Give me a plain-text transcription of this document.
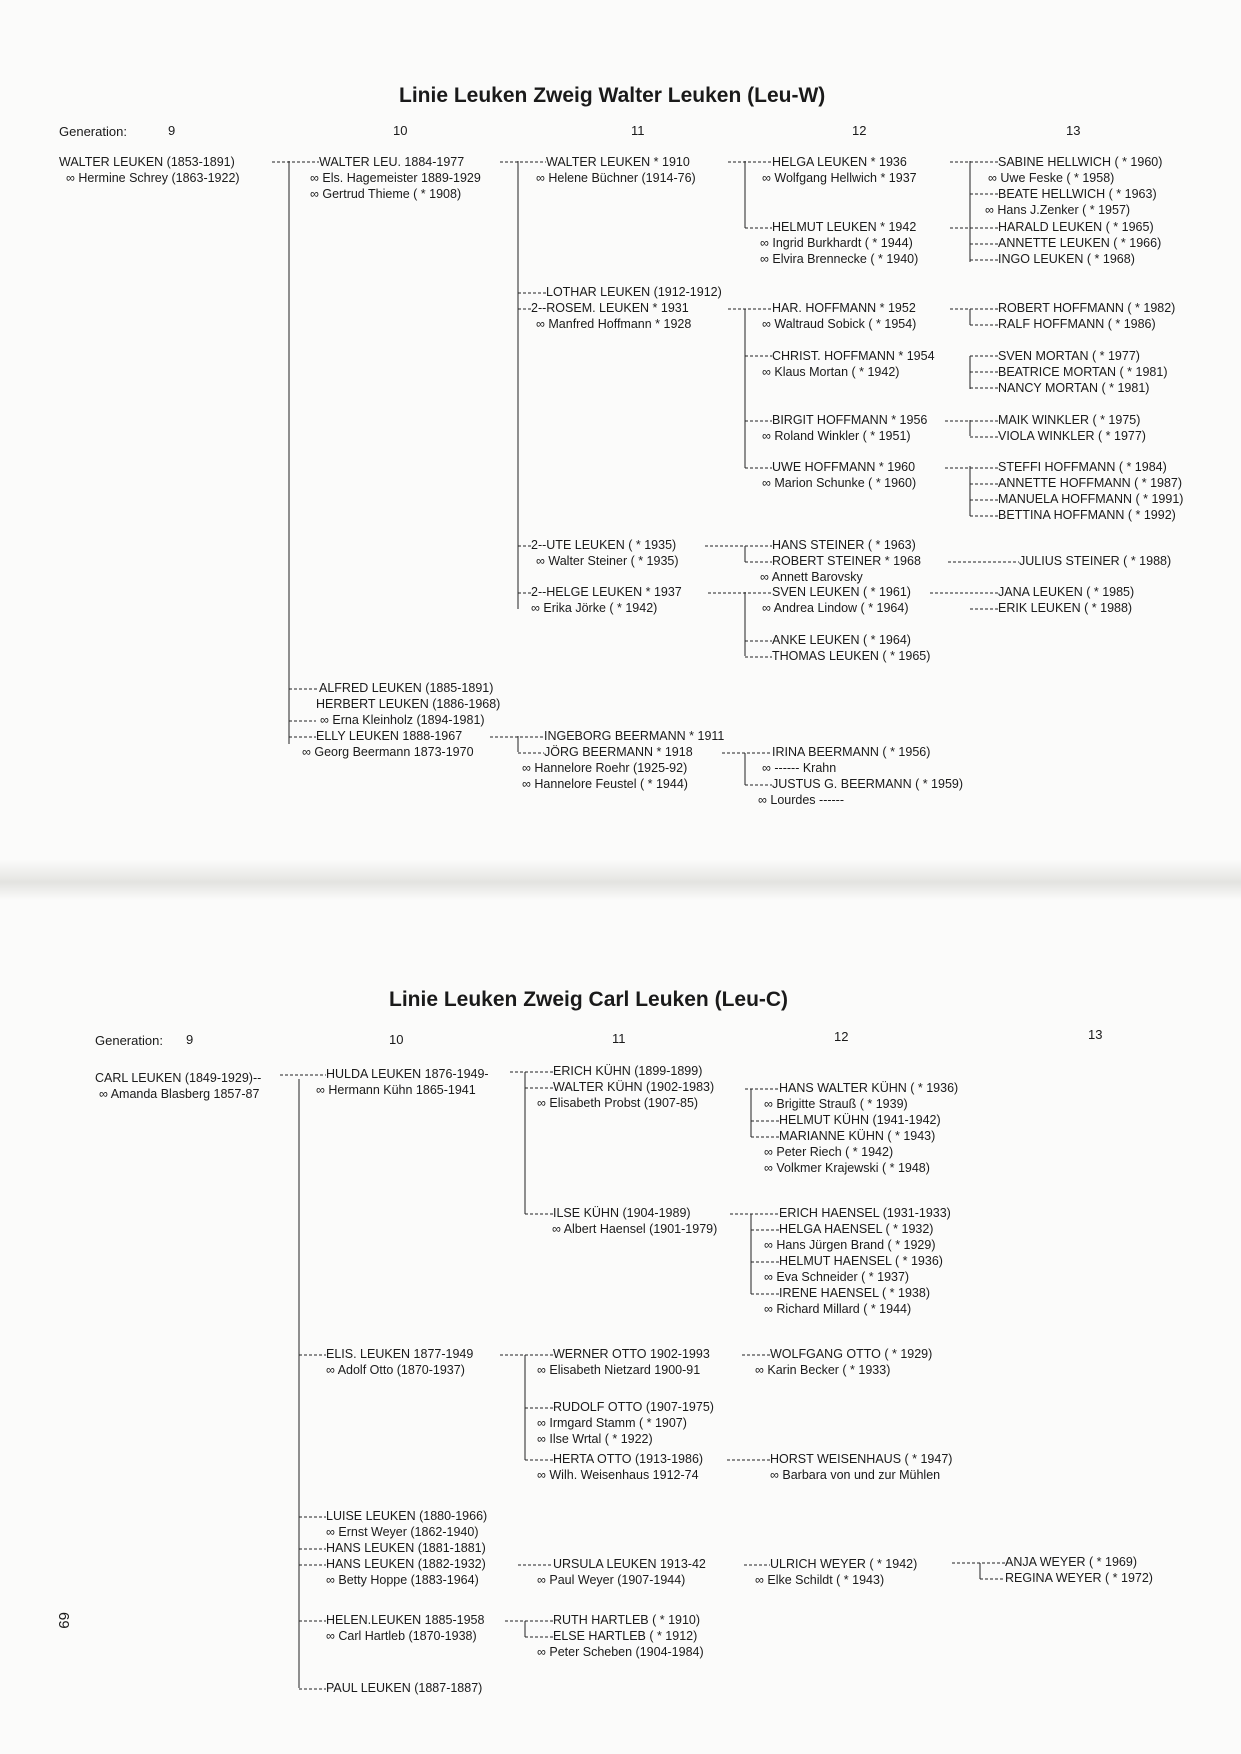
Linie Leuken Zweig Walter Leuken (Leu-W)
Generation:	9	10	11	12	13
Linie Leuken Zweig Carl Leuken (Leu-C)
Generation: 9	10	11	12	13
69
WALTER LEUKEN (1853-1891)
∞ Hermine Schrey (1863-1922)
WALTER LEU. 1884-1977
∞ Els. Hagemeister 1889-1929
∞ Gertrud Thieme ( * 1908)
WALTER LEUKEN * 1910
∞ Helene Büchner (1914-76)
HELGA LEUKEN * 1936
∞ Wolfgang Hellwich * 1937
SABINE HELLWICH ( * 1960)
∞ Uwe Feske ( * 1958)
BEATE HELLWICH ( * 1963)
∞ Hans J.Zenker ( * 1957)
HELMUT LEUKEN * 1942
∞ Ingrid Burkhardt ( * 1944)
∞ Elvira Brennecke ( * 1940)
HARALD LEUKEN ( * 1965)
ANNETTE LEUKEN ( * 1966)
INGO LEUKEN ( * 1968)
LOTHAR LEUKEN (1912-1912)
2--ROSEM. LEUKEN * 1931
∞ Manfred Hoffmann * 1928
HAR. HOFFMANN * 1952
∞ Waltraud Sobick ( * 1954)
ROBERT HOFFMANN ( * 1982)
RALF HOFFMANN ( * 1986)
CHRIST. HOFFMANN * 1954
∞ Klaus Mortan ( * 1942)
SVEN MORTAN ( * 1977)
BEATRICE MORTAN ( * 1981)
NANCY MORTAN ( * 1981)
BIRGIT HOFFMANN * 1956
∞ Roland Winkler ( * 1951)
MAIK WINKLER ( * 1975)
VIOLA WINKLER ( * 1977)
UWE HOFFMANN * 1960
∞ Marion Schunke ( * 1960)
STEFFI HOFFMANN ( * 1984)
ANNETTE HOFFMANN ( * 1987)
MANUELA HOFFMANN ( * 1991)
BETTINA HOFFMANN ( * 1992)
2--UTE LEUKEN ( * 1935)
∞ Walter Steiner ( * 1935)
HANS STEINER ( * 1963)
ROBERT STEINER * 1968
∞ Annett Barovsky
JULIUS STEINER ( * 1988)
2--HELGE LEUKEN * 1937
∞ Erika Jörke ( * 1942)
SVEN LEUKEN ( * 1961)
∞ Andrea Lindow ( * 1964)
JANA LEUKEN ( * 1985)
ERIK LEUKEN ( * 1988)
ANKE LEUKEN ( * 1964)
THOMAS LEUKEN ( * 1965)
ALFRED LEUKEN (1885-1891)
HERBERT LEUKEN (1886-1968)
∞ Erna Kleinholz (1894-1981)
ELLY LEUKEN 1888-1967
∞ Georg Beermann 1873-1970
INGEBORG BEERMANN * 1911
JÖRG BEERMANN * 1918
∞ Hannelore Roehr (1925-92)
∞ Hannelore Feustel ( * 1944)
IRINA BEERMANN ( * 1956)
∞ ------ Krahn
JUSTUS G. BEERMANN ( * 1959)
∞ Lourdes ------
CARL LEUKEN (1849-1929)--
∞ Amanda Blasberg 1857-87
HULDA LEUKEN 1876-1949-
∞ Hermann Kühn 1865-1941
ERICH KÜHN (1899-1899)
WALTER KÜHN (1902-1983)
∞ Elisabeth Probst (1907-85)
HANS WALTER KÜHN ( * 1936)
∞ Brigitte Strauß ( * 1939)
HELMUT KÜHN (1941-1942)
MARIANNE KÜHN ( * 1943)
∞ Peter Riech ( * 1942)
∞ Volkmer Krajewski ( * 1948)
ILSE KÜHN (1904-1989)
∞ Albert Haensel (1901-1979)
ERICH HAENSEL (1931-1933)
HELGA HAENSEL ( * 1932)
∞ Hans Jürgen Brand ( * 1929)
HELMUT HAENSEL ( * 1936)
∞ Eva Schneider ( * 1937)
IRENE HAENSEL ( * 1938)
∞ Richard Millard ( * 1944)
ELIS. LEUKEN 1877-1949
∞ Adolf Otto (1870-1937)
WERNER OTTO 1902-1993
∞ Elisabeth Nietzard 1900-91
WOLFGANG OTTO ( * 1929)
∞ Karin Becker ( * 1933)
RUDOLF OTTO (1907-1975)
∞ Irmgard Stamm ( * 1907)
∞ Ilse Wrtal ( * 1922)
HERTA OTTO (1913-1986)
∞ Wilh. Weisenhaus 1912-74
HORST WEISENHAUS ( * 1947)
∞ Barbara von und zur Mühlen
LUISE LEUKEN (1880-1966)
∞ Ernst Weyer (1862-1940)
HANS LEUKEN (1881-1881)
HANS LEUKEN (1882-1932)
∞ Betty Hoppe (1883-1964)
URSULA LEUKEN 1913-42
∞ Paul Weyer (1907-1944)
ULRICH WEYER ( * 1942)
∞ Elke Schildt ( * 1943)
ANJA WEYER ( * 1969)
REGINA WEYER ( * 1972)
HELEN.LEUKEN 1885-1958
∞ Carl Hartleb (1870-1938)
RUTH HARTLEB ( * 1910)
ELSE HARTLEB ( * 1912)
∞ Peter Scheben (1904-1984)
PAUL LEUKEN (1887-1887)
